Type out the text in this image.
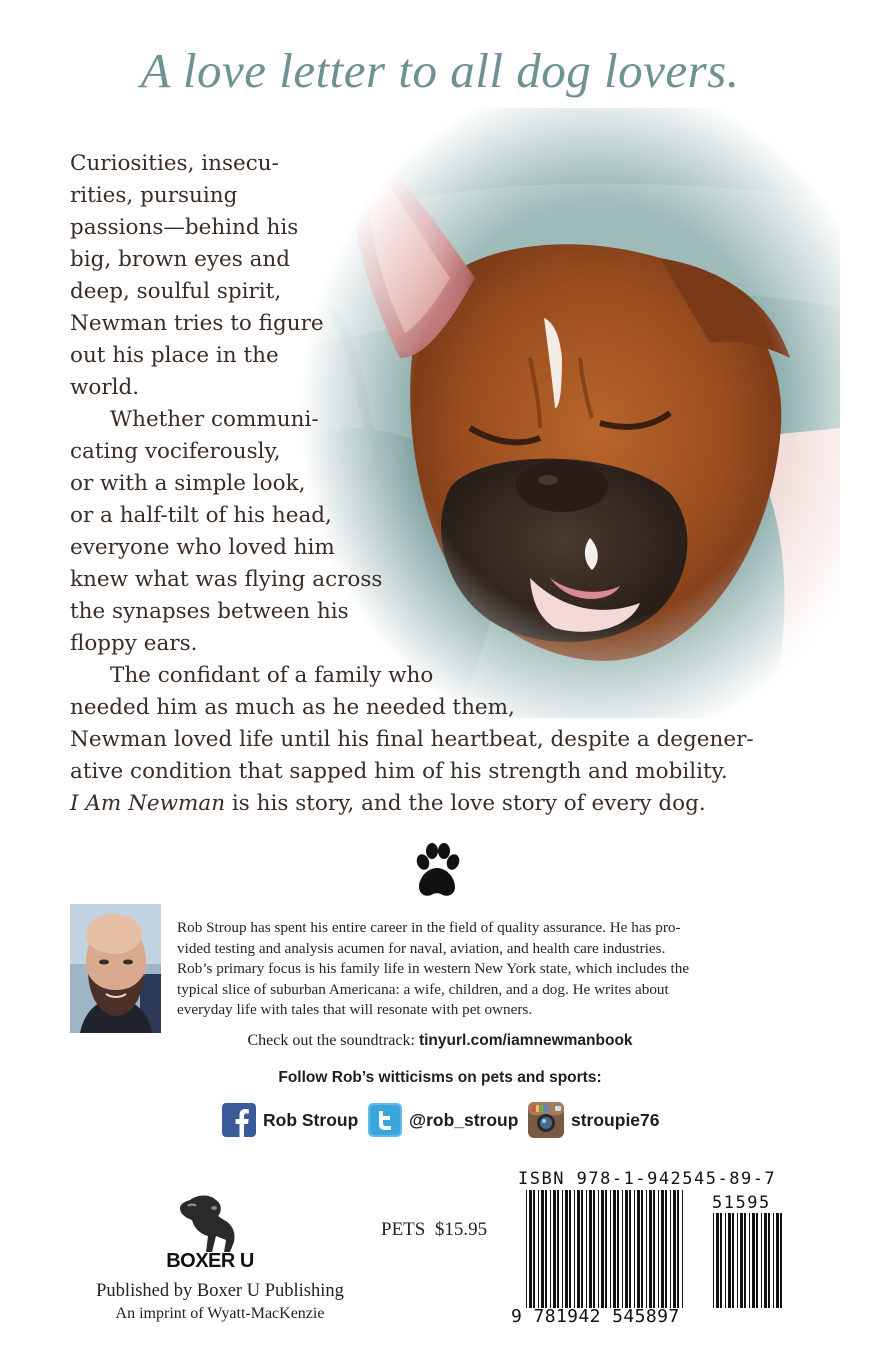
A love letter to all dog lovers.
Curiosities, insecu-
rities, pursuing
passions—behind his
big, brown eyes and
deep, soulful spirit,
Newman tries to figure
out his place in the
world.
Whether communi-
cating vociferously,
or with a simple look,
or a half-tilt of his head,
everyone who loved him
knew what was flying across
the synapses between his
floppy ears.
The confidant of a family who
needed him as much as he needed them,
Newman loved life until his final heartbeat, despite a degener-
ative condition that sapped him of his strength and mobility.
I Am Newman is his story, and the love story of every dog.
Rob Stroup has spent his entire career in the field of quality assurance. He has pro-
vided testing and analysis acumen for naval, aviation, and health care industries.
Rob’s primary focus is his family life in western New York state, which includes the
typical slice of suburban Americana: a wife, children, and a dog. He writes about
everyday life with tales that will resonate with pet owners.
Check out the soundtrack: tinyurl.com/iamnewmanbook
Follow Rob’s witticisms on pets and sports:
Rob Stroup	@rob_stroup	stroupie76
BOXER U
Published by Boxer U Publishing
An imprint of Wyatt-MacKenzie
PETS  $15.95
ISBN 978-1-942545-89-7
51595
9 781942 545897
